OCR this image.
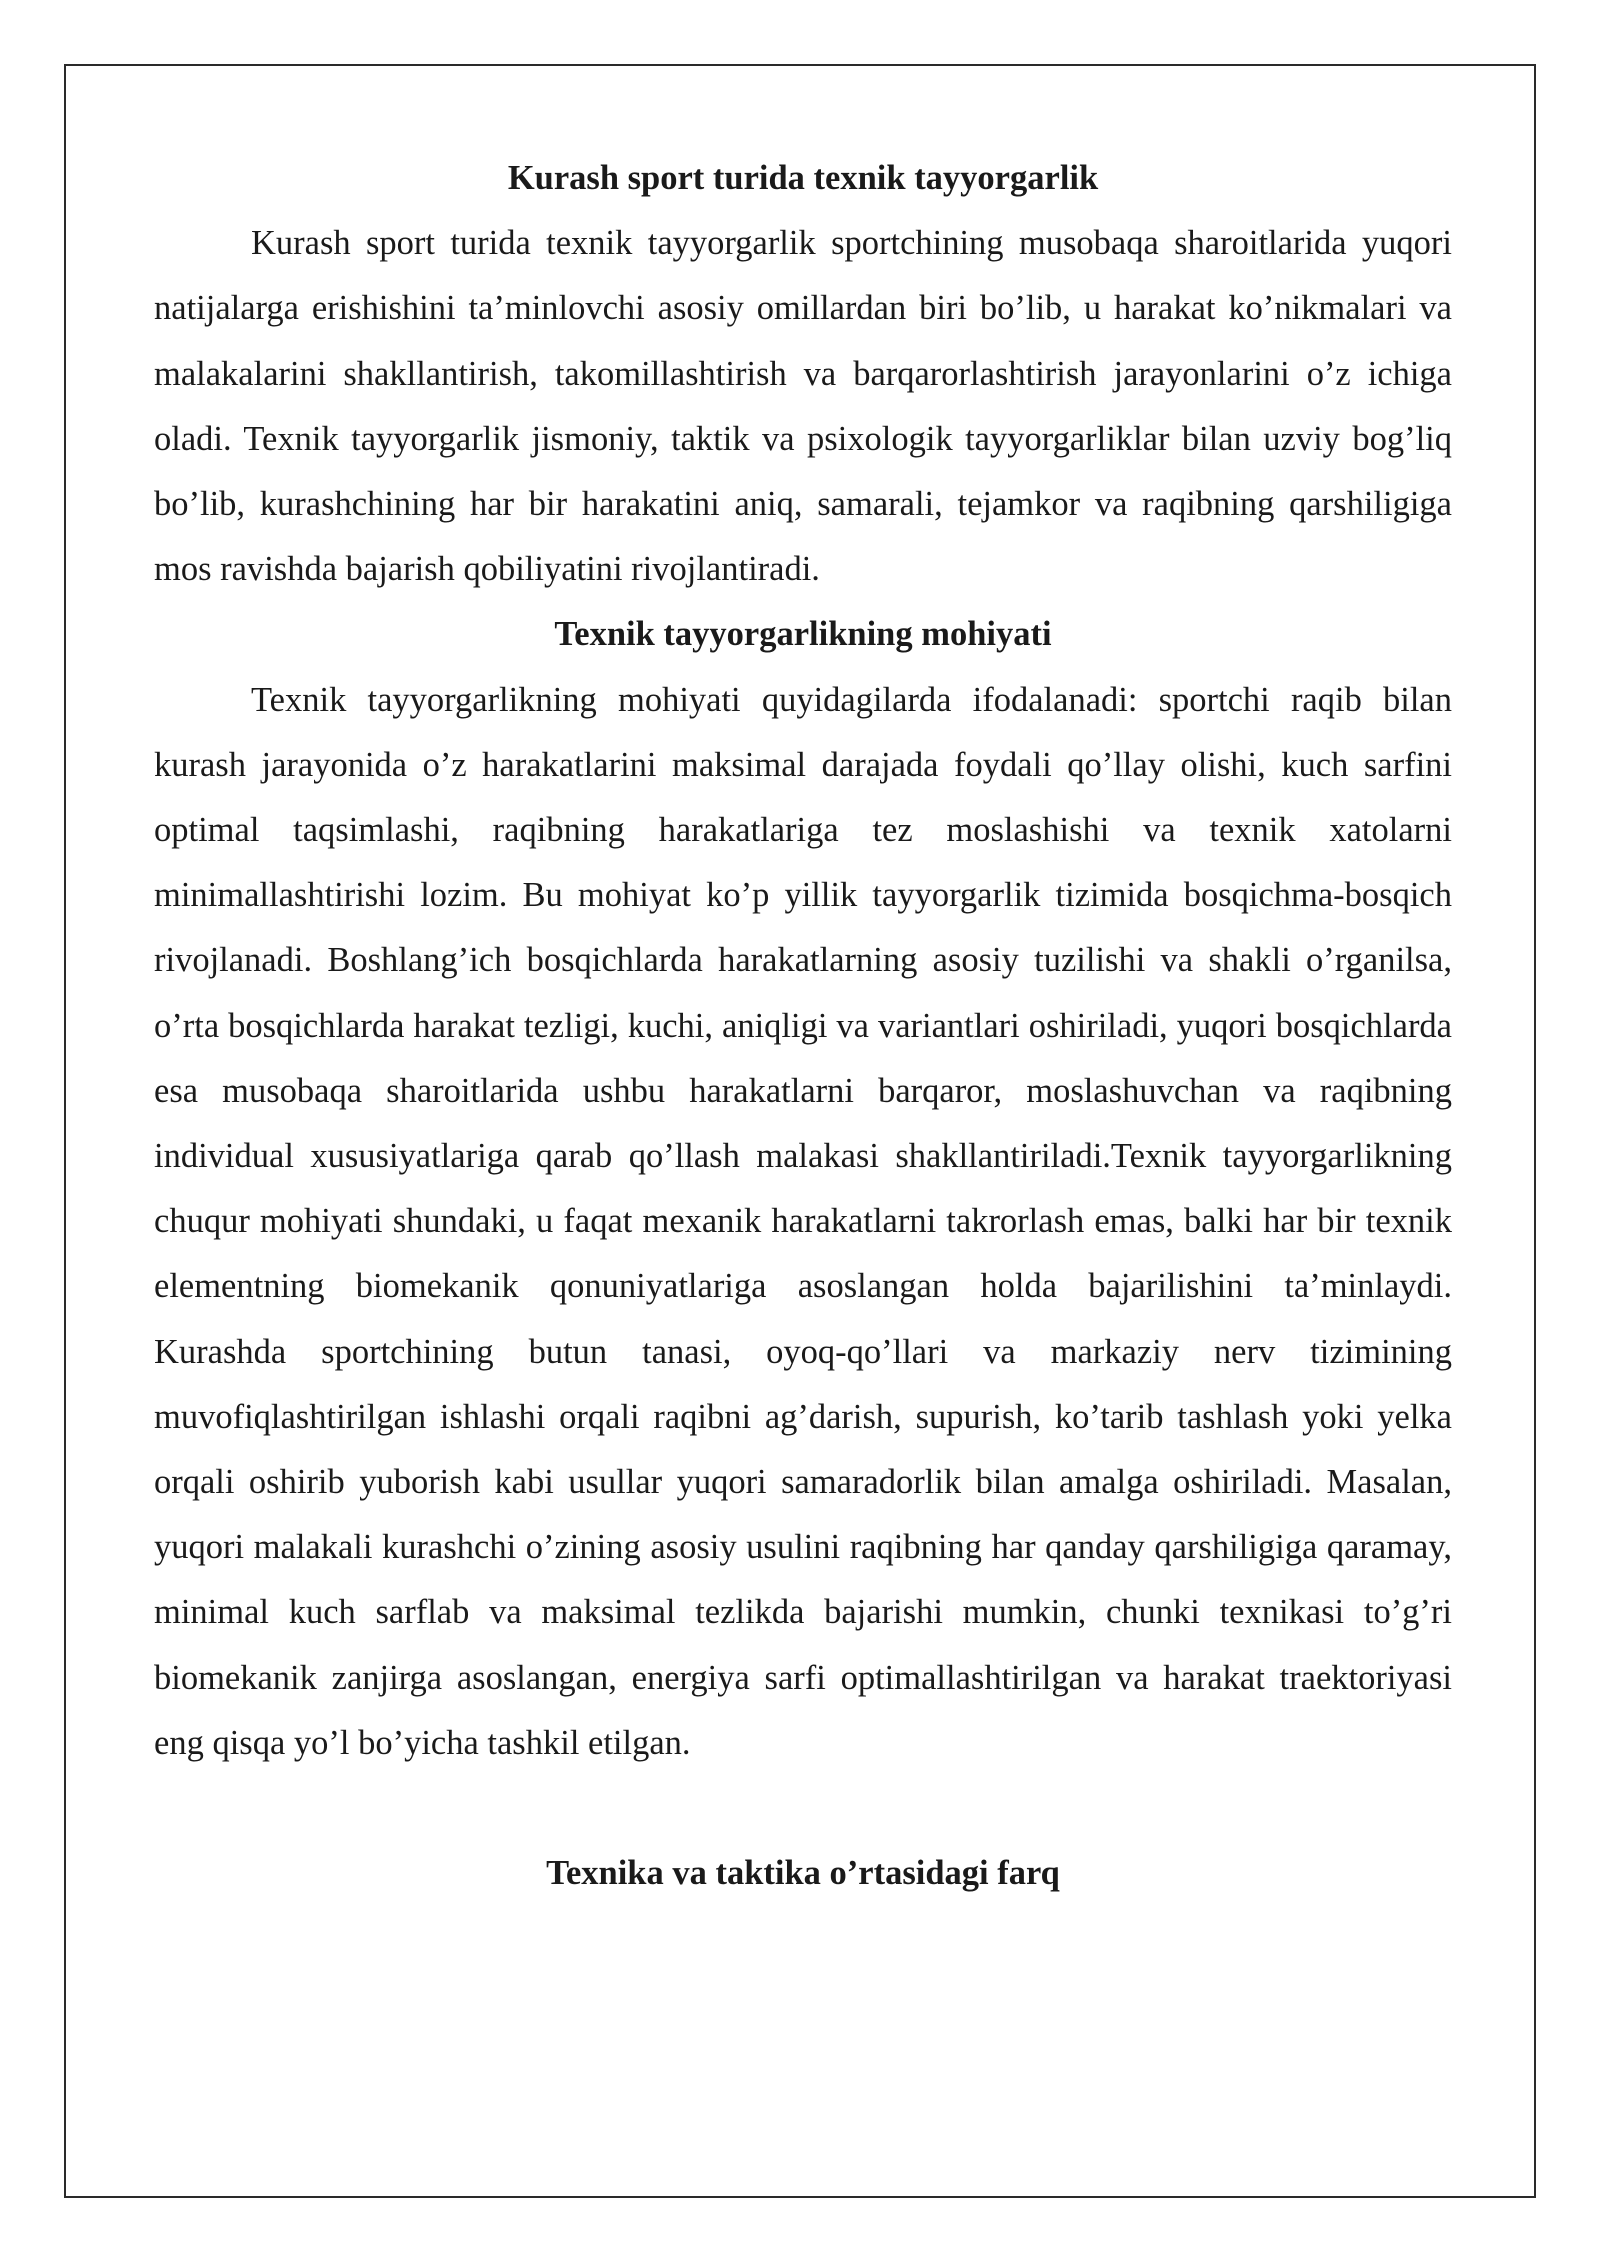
Kurash sport turida texnik tayyorgarlik

Kurash sport turida texnik tayyorgarlik sportchining musobaqa sharoitlarida yuqori natijalarga erishishini ta’minlovchi asosiy omillardan biri bo’lib, u harakat ko’nikmalari va malakalarini shakllantirish, takomillashtirish va barqarorlashtirish jarayonlarini o’z ichiga oladi. Texnik tayyorgarlik jismoniy, taktik va psixologik tayyorgarliklar bilan uzviy bog’liq bo’lib, kurashchining har bir harakatini aniq, samarali, tejamkor va raqibning qarshiligiga mos ravishda bajarish qobiliyatini rivojlantiradi.

Texnik tayyorgarlikning mohiyati

Texnik tayyorgarlikning mohiyati quyidagilarda ifodalanadi: sportchi raqib bilan kurash jarayonida o’z harakatlarini maksimal darajada foydali qo’llay olishi, kuch sarfini optimal taqsimlashi, raqibning harakatlariga tez moslashishi va texnik xatolarni minimallashtirishi lozim. Bu mohiyat ko’p yillik tayyorgarlik tizimida bosqichma-bosqich rivojlanadi. Boshlang’ich bosqichlarda harakatlarning asosiy tuzilishi va shakli o’rganilsa, o’rta bosqichlarda harakat tezligi, kuchi, aniqligi va variantlari oshiriladi, yuqori bosqichlarda esa musobaqa sharoitlarida ushbu harakatlarni barqaror, moslashuvchan va raqibning individual xususiyatlariga qarab qo’llash malakasi shakllantiriladi.Texnik tayyorgarlikning chuqur mohiyati shundaki, u faqat mexanik harakatlarni takrorlash emas, balki har bir texnik elementning biomekanik qonuniyatlariga asoslangan holda bajarilishini ta’minlaydi. Kurashda sportchining butun tanasi, oyoq-qo’llari va markaziy nerv tizimining muvofiqlashtirilgan ishlashi orqali raqibni ag’darish, supurish, ko’tarib tashlash yoki yelka orqali oshirib yuborish kabi usullar yuqori samaradorlik bilan amalga oshiriladi. Masalan, yuqori malakali kurashchi o’zining asosiy usulini raqibning har qanday qarshiligiga qaramay, minimal kuch sarflab va maksimal tezlikda bajarishi mumkin, chunki texnikasi to’g’ri biomekanik zanjirga asoslangan, energiya sarfi optimallashtirilgan va harakat traektoriyasi eng qisqa yo’l bo’yicha tashkil etilgan.

Texnika va taktika o’rtasidagi farq
